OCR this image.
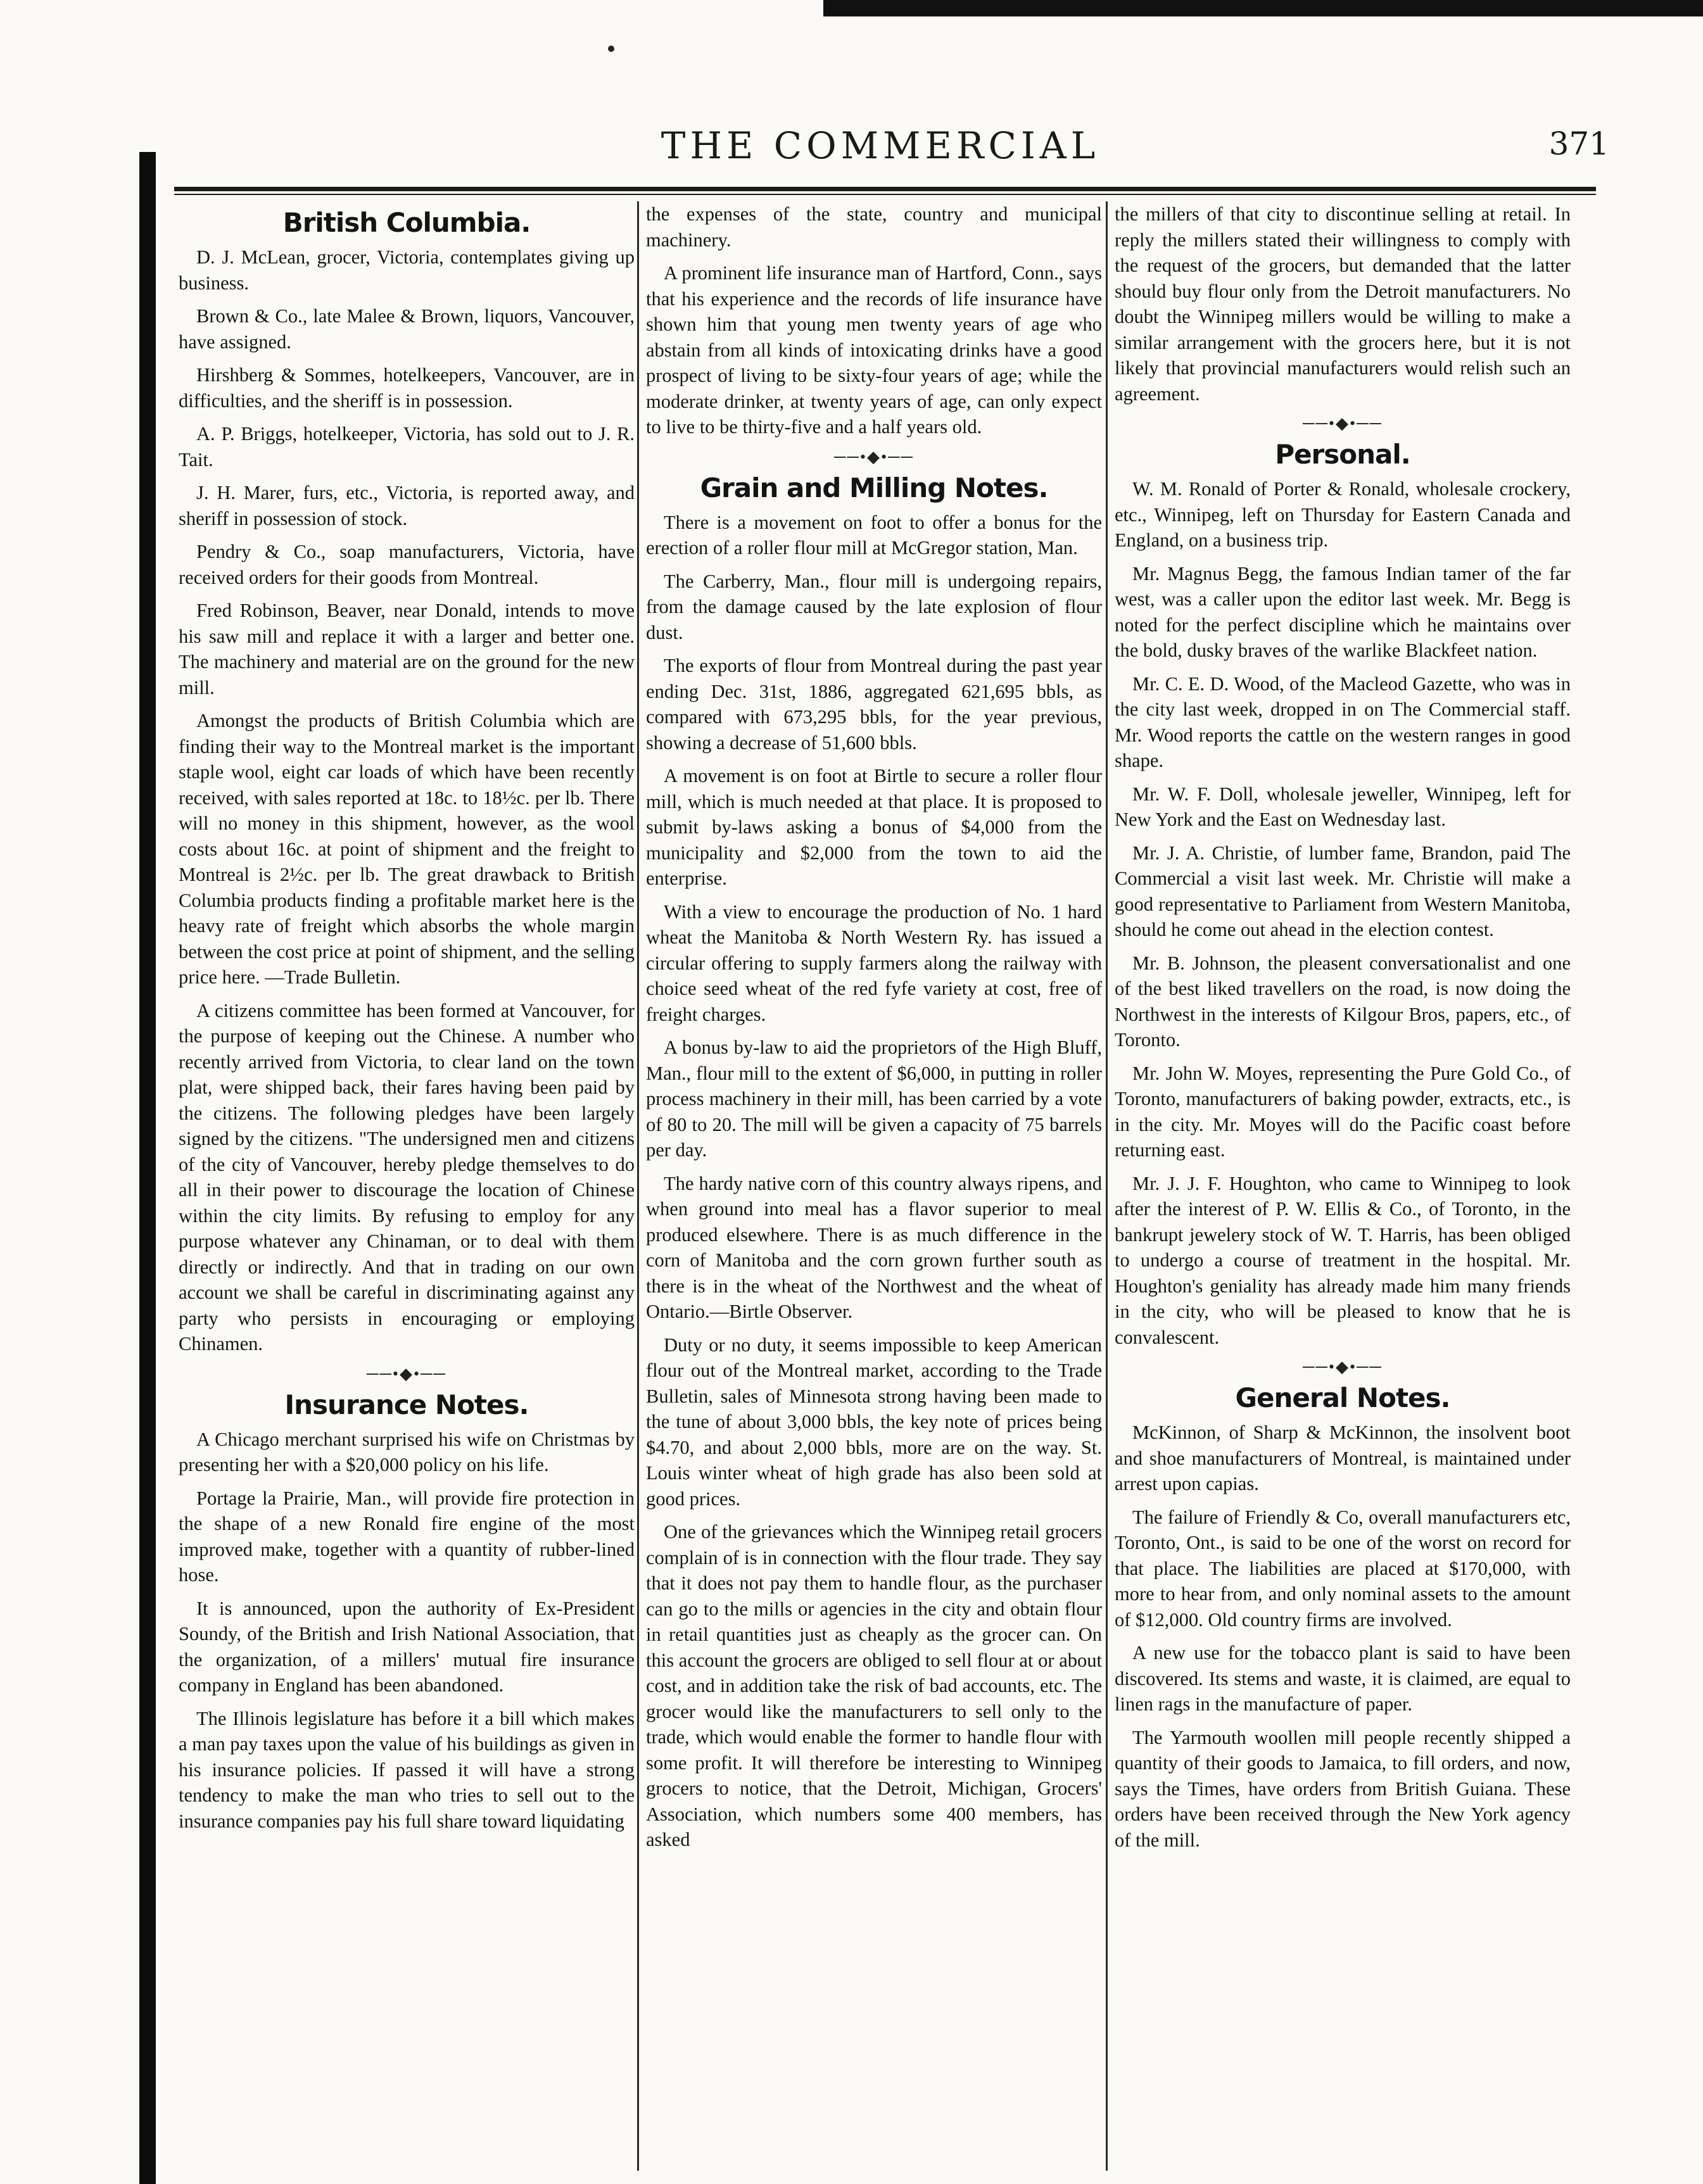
THE COMMERCIAL	371
British Columbia.

D. J. McLean, grocer, Victoria, contemplates giving up business.

Brown & Co., late Malee & Brown, liquors, Vancouver, have assigned.

Hirshberg & Sommes, hotelkeepers, Vancouver, are in difficulties, and the sheriff is in possession.

A. P. Briggs, hotelkeeper, Victoria, has sold out to J. R. Tait.

J. H. Marer, furs, etc., Victoria, is reported away, and sheriff in possession of stock.

Pendry & Co., soap manufacturers, Victoria, have received orders for their goods from Montreal.

Fred Robinson, Beaver, near Donald, intends to move his saw mill and replace it with a larger and better one. The machinery and material are on the ground for the new mill.

Amongst the products of British Columbia which are finding their way to the Montreal market is the important staple wool, eight car loads of which have been recently received, with sales reported at 18c. to 18½c. per lb. There will no money in this shipment, however, as the wool costs about 16c. at point of shipment and the freight to Montreal is 2½c. per lb. The great drawback to British Columbia products finding a profitable market here is the heavy rate of freight which absorbs the whole margin between the cost price at point of shipment, and the selling price here. —Trade Bulletin.

A citizens committee has been formed at Vancouver, for the purpose of keeping out the Chinese. A number who recently arrived from Victoria, to clear land on the town plat, were shipped back, their fares having been paid by the citizens. The following pledges have been largely signed by the citizens. "The undersigned men and citizens of the city of Vancouver, hereby pledge themselves to do all in their power to discourage the location of Chinese within the city limits. By refusing to employ for any purpose whatever any Chinaman, or to deal with them directly or indirectly. And that in trading on our own account we shall be careful in discriminating against any party who persists in encouraging or employing Chinamen.

──•◆•──
Insurance Notes.

A Chicago merchant surprised his wife on Christmas by presenting her with a $20,000 policy on his life.

Portage la Prairie, Man., will provide fire protection in the shape of a new Ronald fire engine of the most improved make, together with a quantity of rubber-lined hose.

It is announced, upon the authority of Ex-President Soundy, of the British and Irish National Association, that the organization, of a millers' mutual fire insurance company in England has been abandoned.

The Illinois legislature has before it a bill which makes a man pay taxes upon the value of his buildings as given in his insurance policies. If passed it will have a strong tendency to make the man who tries to sell out to the insurance companies pay his full share toward liquidating

the expenses of the state, country and municipal machinery.

A prominent life insurance man of Hartford, Conn., says that his experience and the records of life insurance have shown him that young men twenty years of age who abstain from all kinds of intoxicating drinks have a good prospect of living to be sixty-four years of age; while the moderate drinker, at twenty years of age, can only expect to live to be thirty-five and a half years old.

──•◆•──
Grain and Milling Notes.

There is a movement on foot to offer a bonus for the erection of a roller flour mill at McGregor station, Man.

The Carberry, Man., flour mill is undergoing repairs, from the damage caused by the late explosion of flour dust.

The exports of flour from Montreal during the past year ending Dec. 31st, 1886, aggregated 621,695 bbls, as compared with 673,295 bbls, for the year previous, showing a decrease of 51,600 bbls.

A movement is on foot at Birtle to secure a roller flour mill, which is much needed at that place. It is proposed to submit by-laws asking a bonus of $4,000 from the municipality and $2,000 from the town to aid the enterprise.

With a view to encourage the production of No. 1 hard wheat the Manitoba & North Western Ry. has issued a circular offering to supply farmers along the railway with choice seed wheat of the red fyfe variety at cost, free of freight charges.

A bonus by-law to aid the proprietors of the High Bluff, Man., flour mill to the extent of $6,000, in putting in roller process machinery in their mill, has been carried by a vote of 80 to 20. The mill will be given a capacity of 75 barrels per day.

The hardy native corn of this country always ripens, and when ground into meal has a flavor superior to meal produced elsewhere. There is as much difference in the corn of Manitoba and the corn grown further south as there is in the wheat of the Northwest and the wheat of Ontario.—Birtle Observer.

Duty or no duty, it seems impossible to keep American flour out of the Montreal market, according to the Trade Bulletin, sales of Minnesota strong having been made to the tune of about 3,000 bbls, the key note of prices being $4.70, and about 2,000 bbls, more are on the way. St. Louis winter wheat of high grade has also been sold at good prices.

One of the grievances which the Winnipeg retail grocers complain of is in connection with the flour trade. They say that it does not pay them to handle flour, as the purchaser can go to the mills or agencies in the city and obtain flour in retail quantities just as cheaply as the grocer can. On this account the grocers are obliged to sell flour at or about cost, and in addition take the risk of bad accounts, etc. The grocer would like the manufacturers to sell only to the trade, which would enable the former to handle flour with some profit. It will therefore be interesting to Winnipeg grocers to notice, that the Detroit, Michigan, Grocers' Association, which numbers some 400 members, has asked

the millers of that city to discontinue selling at retail. In reply the millers stated their willingness to comply with the request of the grocers, but demanded that the latter should buy flour only from the Detroit manufacturers. No doubt the Winnipeg millers would be willing to make a similar arrangement with the grocers here, but it is not likely that provincial manufacturers would relish such an agreement.

──•◆•──
Personal.

W. M. Ronald of Porter & Ronald, wholesale crockery, etc., Winnipeg, left on Thursday for Eastern Canada and England, on a business trip.

Mr. Magnus Begg, the famous Indian tamer of the far west, was a caller upon the editor last week. Mr. Begg is noted for the perfect discipline which he maintains over the bold, dusky braves of the warlike Blackfeet nation.

Mr. C. E. D. Wood, of the Macleod Gazette, who was in the city last week, dropped in on The Commercial staff. Mr. Wood reports the cattle on the western ranges in good shape.

Mr. W. F. Doll, wholesale jeweller, Winnipeg, left for New York and the East on Wednesday last.

Mr. J. A. Christie, of lumber fame, Brandon, paid The Commercial a visit last week. Mr. Christie will make a good representative to Parliament from Western Manitoba, should he come out ahead in the election contest.

Mr. B. Johnson, the pleasent conversationalist and one of the best liked travellers on the road, is now doing the Northwest in the interests of Kilgour Bros, papers, etc., of Toronto.

Mr. John W. Moyes, representing the Pure Gold Co., of Toronto, manufacturers of baking powder, extracts, etc., is in the city. Mr. Moyes will do the Pacific coast before returning east.

Mr. J. J. F. Houghton, who came to Winnipeg to look after the interest of P. W. Ellis & Co., of Toronto, in the bankrupt jewelery stock of W. T. Harris, has been obliged to undergo a course of treatment in the hospital. Mr. Houghton's geniality has already made him many friends in the city, who will be pleased to know that he is convalescent.

──•◆•──
General Notes.

McKinnon, of Sharp & McKinnon, the insolvent boot and shoe manufacturers of Montreal, is maintained under arrest upon capias.

The failure of Friendly & Co, overall manufacturers etc, Toronto, Ont., is said to be one of the worst on record for that place. The liabilities are placed at $170,000, with more to hear from, and only nominal assets to the amount of $12,000. Old country firms are involved.

A new use for the tobacco plant is said to have been discovered. Its stems and waste, it is claimed, are equal to linen rags in the manufacture of paper.

The Yarmouth woollen mill people recently shipped a quantity of their goods to Jamaica, to fill orders, and now, says the Times, have orders from British Guiana. These orders have been received through the New York agency of the mill.
